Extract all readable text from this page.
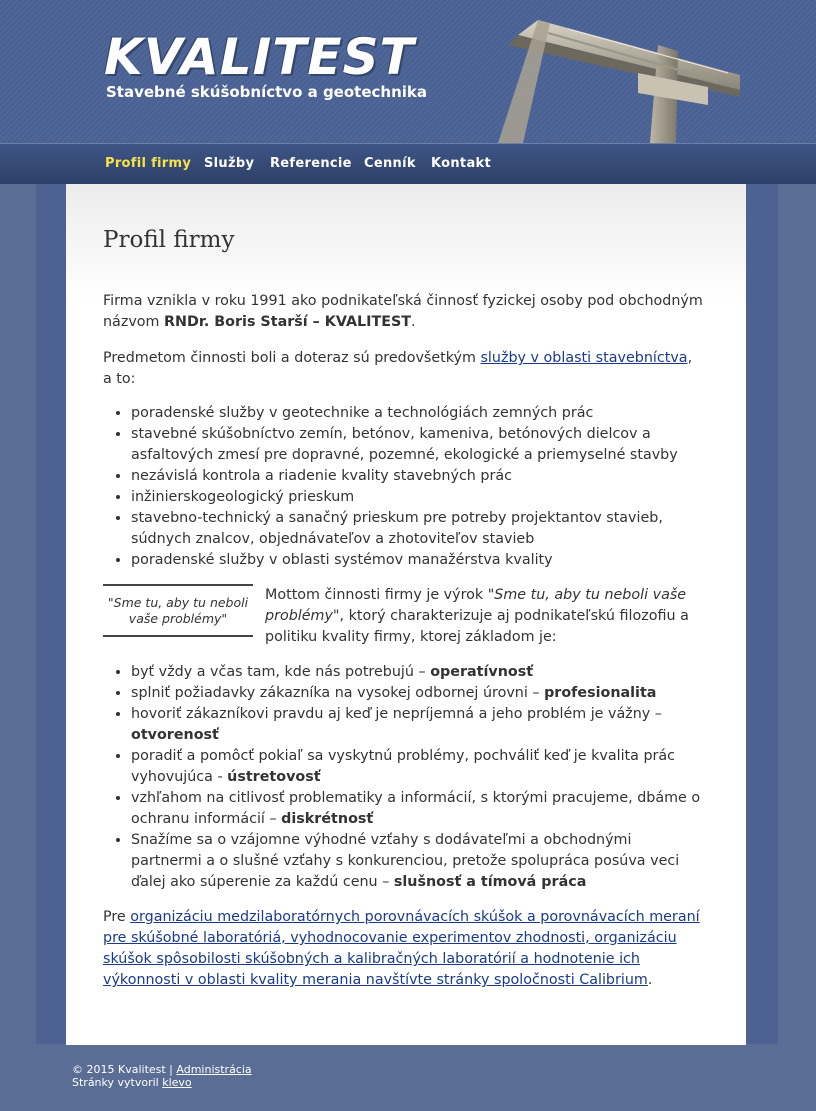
KVALITEST
Stavebné skúšobníctvo a geotechnika
Profil firmy Služby Referencie Cenník Kontakt
Profil firmy

Firma vznikla v roku 1991 ako podnikateľská činnosť fyzickej osoby pod obchodným názvom RNDr. Boris Starší – KVALITEST.

Predmetom činnosti boli a doteraz sú predovšetkým služby v oblasti stavebníctva, a to:

• poradenské služby v geotechnike a technológiách zemných prác
• stavebné skúšobníctvo zemín, betónov, kameniva, betónových dielcov a asfaltových zmesí pre dopravné, pozemné, ekologické a priemyselné stavby
• nezávislá kontrola a riadenie kvality stavebných prác
• inžinierskogeologický prieskum
• stavebno-technický a sanačný prieskum pre potreby projektantov stavieb, súdnych znalcov, objednávateľov a zhotoviteľov stavieb
• poradenské služby v oblasti systémov manažérstva kvality

Mottom činnosti firmy je výrok "Sme tu, aby tu neboli vaše problémy", ktorý charakterizuje aj podnikateľskú filozofiu a politiku kvality firmy, ktorej základom je:

• byť vždy a včas tam, kde nás potrebujú – operatívnosť
• splniť požiadavky zákazníka na vysokej odbornej úrovni – profesionalita
• hovoriť zákazníkovi pravdu aj keď je nepríjemná a jeho problém je vážny – otvorenosť
• poradiť a pomôcť pokiaľ sa vyskytnú problémy, pochváliť keď je kvalita prác vyhovujúca - ústretovosť
• vzhľahom na citlivosť problematiky a informácií, s ktorými pracujeme, dbáme o ochranu informácií – diskrétnosť
• Snažíme sa o vzájomne výhodné vzťahy s dodávateľmi a obchodnými partnermi a o slušné vzťahy s konkurenciou, pretože spolupráca posúva veci ďalej ako súperenie za každú cenu – slušnosť a tímová práca

Pre organizáciu medzilaboratórnych porovnávacích skúšok a porovnávacích meraní pre skúšobné laboratóriá, vyhodnocovanie experimentov zhodnosti, organizáciu skúšok spôsobilosti skúšobných a kalibračných laboratórií a hodnotenie ich výkonnosti v oblasti kvality merania navštívte stránky spoločnosti Calibrium.

"Sme tu, aby tu neboli vaše problémy"
© 2015 Kvalitest | Administrácia
Stránky vytvoril klevo
